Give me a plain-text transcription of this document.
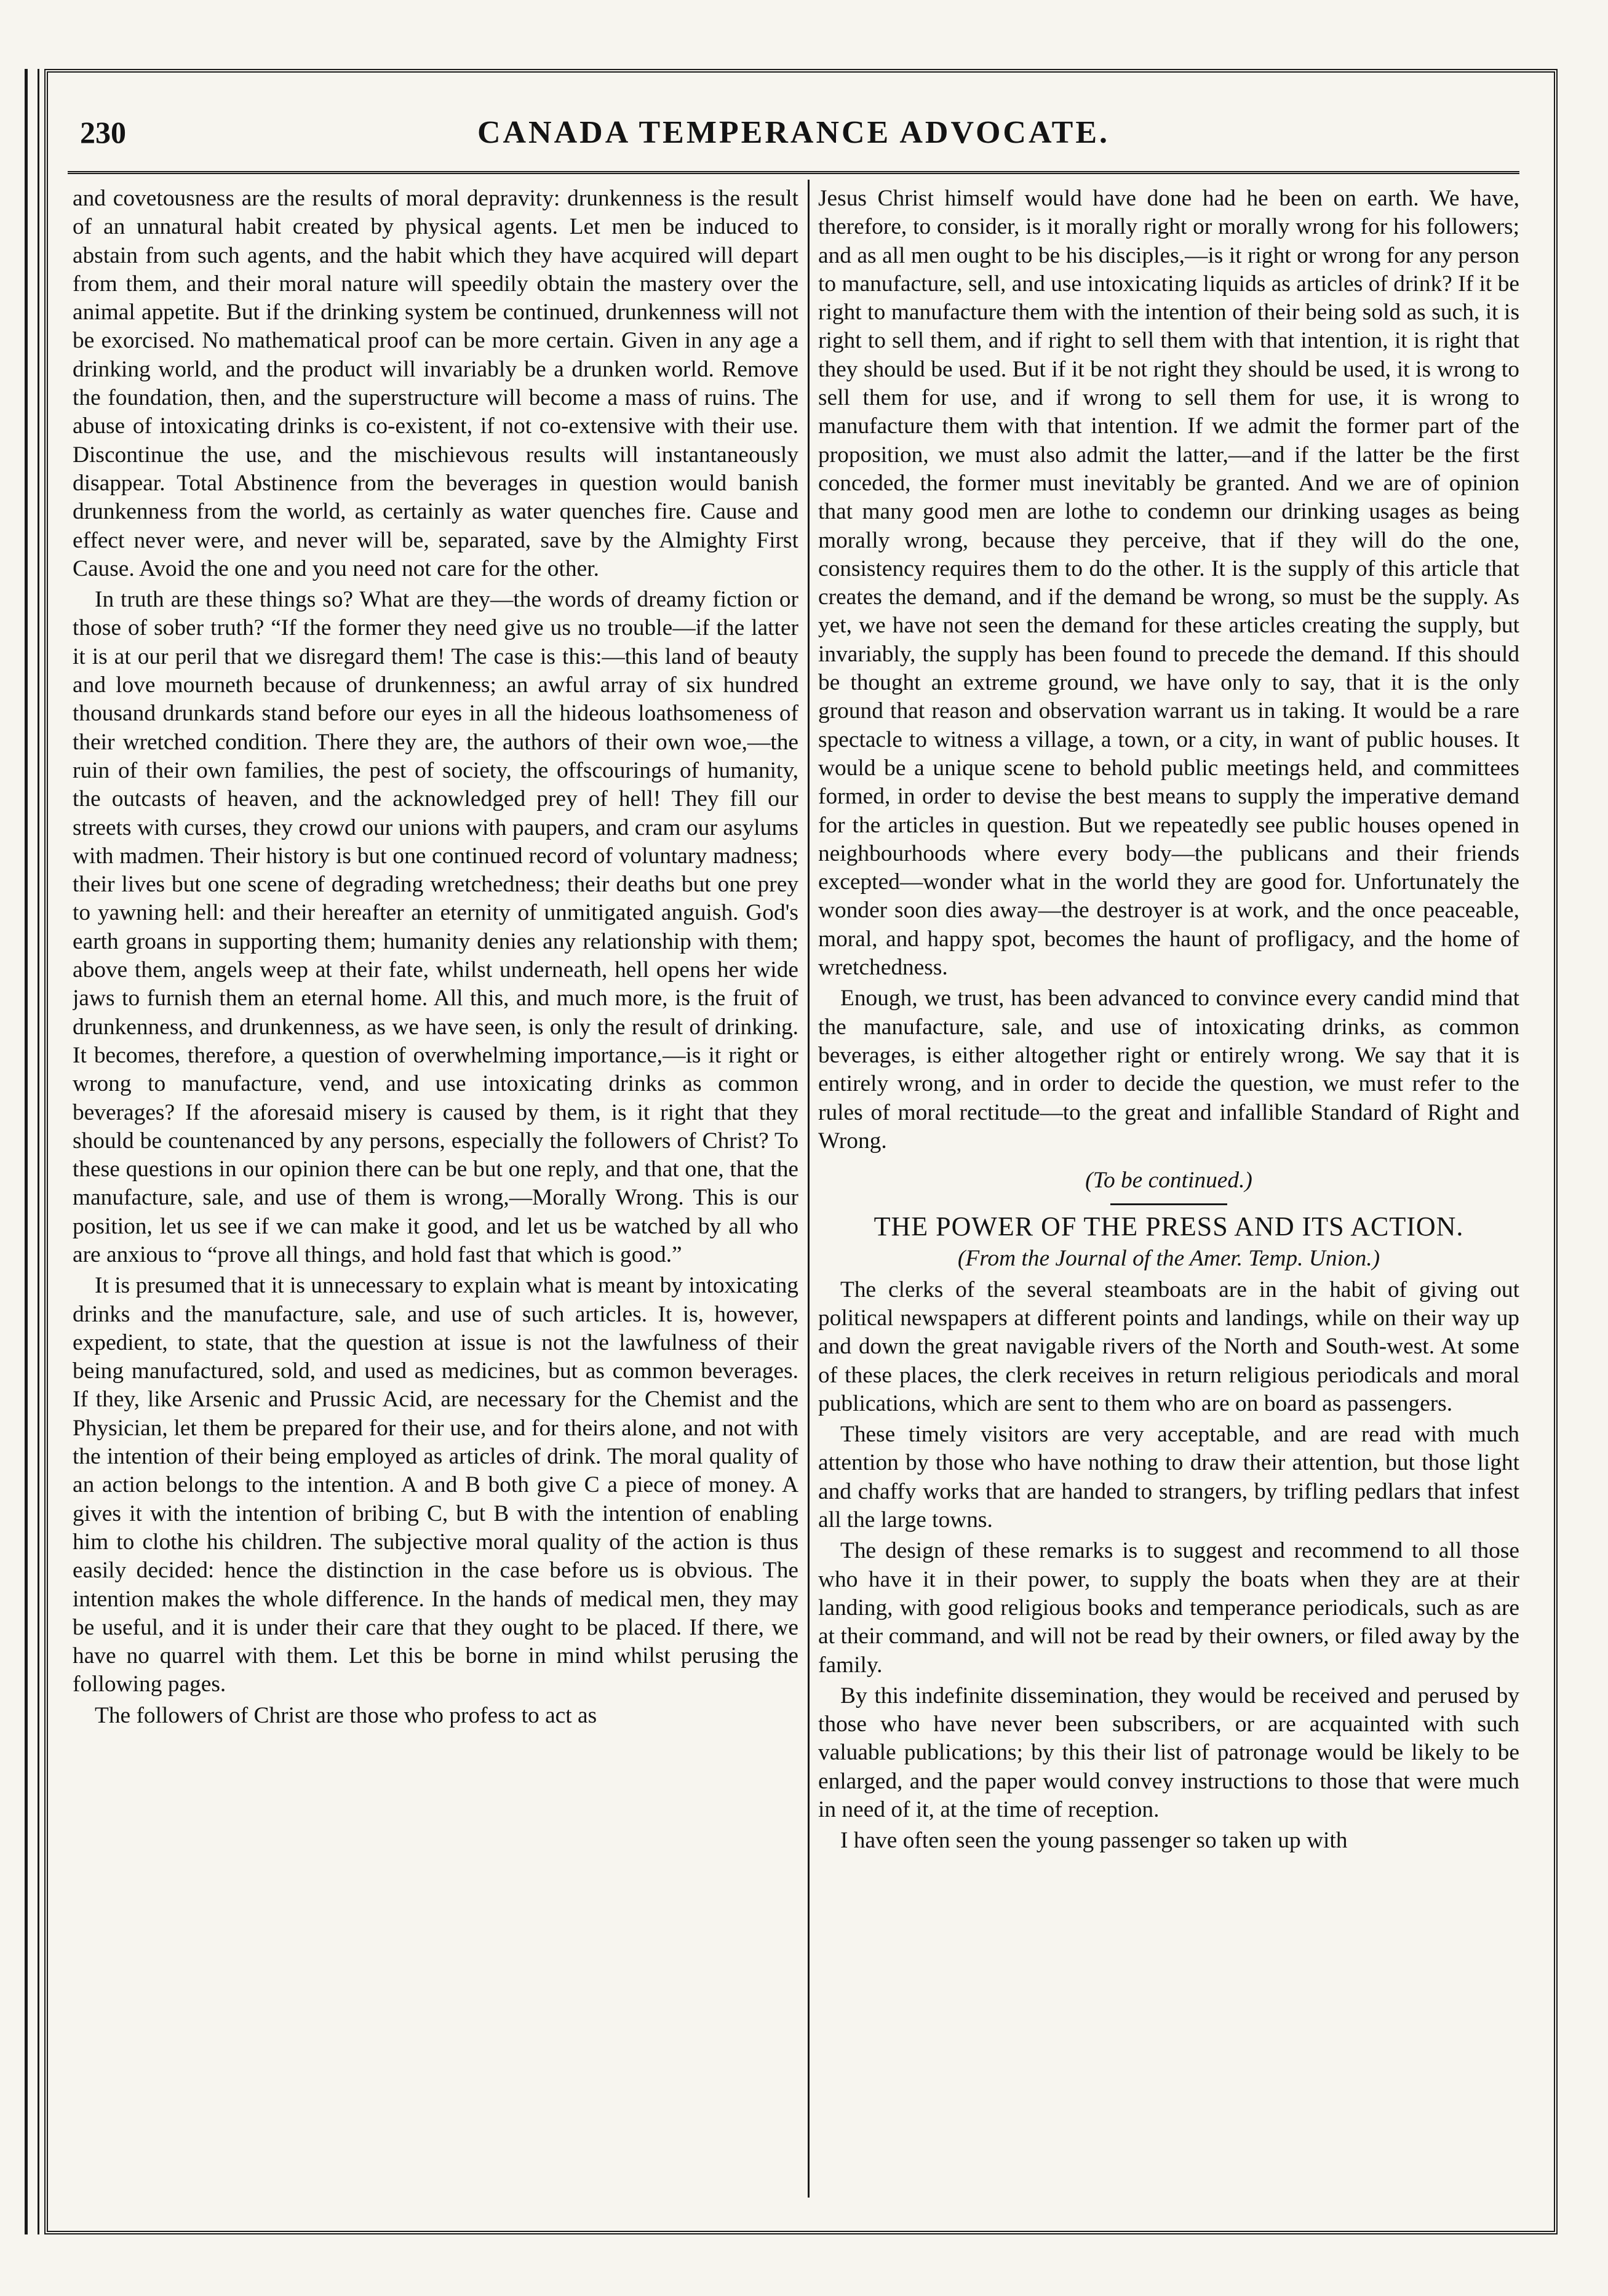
230	CANADA TEMPERANCE ADVOCATE.

and covetousness are the results of moral depravity: drunkenness is the result of an unnatural habit created by physical agents. Let men be induced to abstain from such agents, and the habit which they have acquired will depart from them, and their moral nature will speedily obtain the mastery over the animal appetite. But if the drinking system be continued, drunkenness will not be exorcised. No mathematical proof can be more certain. Given in any age a drinking world, and the product will invariably be a drunken world. Remove the foundation, then, and the superstructure will become a mass of ruins. The abuse of intoxicating drinks is co-existent, if not co-extensive with their use. Discontinue the use, and the mischievous results will instantaneously disappear. Total Abstinence from the beverages in question would banish drunkenness from the world, as certainly as water quenches fire. Cause and effect never were, and never will be, separated, save by the Almighty First Cause. Avoid the one and you need not care for the other.

In truth are these things so? What are they—the words of dreamy fiction or those of sober truth? “If the former they need give us no trouble—if the latter it is at our peril that we disregard them! The case is this:—this land of beauty and love mourneth because of drunkenness; an awful array of six hundred thousand drunkards stand before our eyes in all the hideous loathsomeness of their wretched condition. There they are, the authors of their own woe,—the ruin of their own families, the pest of society, the offscourings of humanity, the outcasts of heaven, and the acknowledged prey of hell! They fill our streets with curses, they crowd our unions with paupers, and cram our asylums with madmen. Their history is but one continued record of voluntary madness; their lives but one scene of degrading wretchedness; their deaths but one prey to yawning hell: and their hereafter an eternity of unmitigated anguish. God's earth groans in supporting them; humanity denies any relationship with them; above them, angels weep at their fate, whilst underneath, hell opens her wide jaws to furnish them an eternal home. All this, and much more, is the fruit of drunkenness, and drunkenness, as we have seen, is only the result of drinking. It becomes, therefore, a question of overwhelming importance,—is it right or wrong to manufacture, vend, and use intoxicating drinks as common beverages? If the aforesaid misery is caused by them, is it right that they should be countenanced by any persons, especially the followers of Christ? To these questions in our opinion there can be but one reply, and that one, that the manufacture, sale, and use of them is wrong,—Morally Wrong. This is our position, let us see if we can make it good, and let us be watched by all who are anxious to “prove all things, and hold fast that which is good.”

It is presumed that it is unnecessary to explain what is meant by intoxicating drinks and the manufacture, sale, and use of such articles. It is, however, expedient, to state, that the question at issue is not the lawfulness of their being manufactured, sold, and used as medicines, but as common beverages. If they, like Arsenic and Prussic Acid, are necessary for the Chemist and the Physician, let them be prepared for their use, and for theirs alone, and not with the intention of their being employed as articles of drink. The moral quality of an action belongs to the intention. A and B both give C a piece of money. A gives it with the intention of bribing C, but B with the intention of enabling him to clothe his children. The subjective moral quality of the action is thus easily decided: hence the distinction in the case before us is obvious. The intention makes the whole difference. In the hands of medical men, they may be useful, and it is under their care that they ought to be placed. If there, we have no quarrel with them. Let this be borne in mind whilst perusing the following pages.

The followers of Christ are those who profess to act as

Jesus Christ himself would have done had he been on earth. We have, therefore, to consider, is it morally right or morally wrong for his followers; and as all men ought to be his disciples,—is it right or wrong for any person to manufacture, sell, and use intoxicating liquids as articles of drink? If it be right to manufacture them with the intention of their being sold as such, it is right to sell them, and if right to sell them with that intention, it is right that they should be used. But if it be not right they should be used, it is wrong to sell them for use, and if wrong to sell them for use, it is wrong to manufacture them with that intention. If we admit the former part of the proposition, we must also admit the latter,—and if the latter be the first conceded, the former must inevitably be granted. And we are of opinion that many good men are lothe to condemn our drinking usages as being morally wrong, because they perceive, that if they will do the one, consistency requires them to do the other. It is the supply of this article that creates the demand, and if the demand be wrong, so must be the supply. As yet, we have not seen the demand for these articles creating the supply, but invariably, the supply has been found to precede the demand. If this should be thought an extreme ground, we have only to say, that it is the only ground that reason and observation warrant us in taking. It would be a rare spectacle to witness a village, a town, or a city, in want of public houses. It would be a unique scene to behold public meetings held, and committees formed, in order to devise the best means to supply the imperative demand for the articles in question. But we repeatedly see public houses opened in neighbourhoods where every body—the publicans and their friends excepted—wonder what in the world they are good for. Unfortunately the wonder soon dies away—the destroyer is at work, and the once peaceable, moral, and happy spot, becomes the haunt of profligacy, and the home of wretchedness.

Enough, we trust, has been advanced to convince every candid mind that the manufacture, sale, and use of intoxicating drinks, as common beverages, is either altogether right or entirely wrong. We say that it is entirely wrong, and in order to decide the question, we must refer to the rules of moral rectitude—to the great and infallible Standard of Right and Wrong.

(To be continued.)

THE POWER OF THE PRESS AND ITS ACTION.

(From the Journal of the Amer. Temp. Union.)

The clerks of the several steamboats are in the habit of giving out political newspapers at different points and landings, while on their way up and down the great navigable rivers of the North and South-west. At some of these places, the clerk receives in return religious periodicals and moral publications, which are sent to them who are on board as passengers.

These timely visitors are very acceptable, and are read with much attention by those who have nothing to draw their attention, but those light and chaffy works that are handed to strangers, by trifling pedlars that infest all the large towns.

The design of these remarks is to suggest and recommend to all those who have it in their power, to supply the boats when they are at their landing, with good religious books and temperance periodicals, such as are at their command, and will not be read by their owners, or filed away by the family.

By this indefinite dissemination, they would be received and perused by those who have never been subscribers, or are acquainted with such valuable publications; by this their list of patronage would be likely to be enlarged, and the paper would convey instructions to those that were much in need of it, at the time of reception.

I have often seen the young passenger so taken up with
